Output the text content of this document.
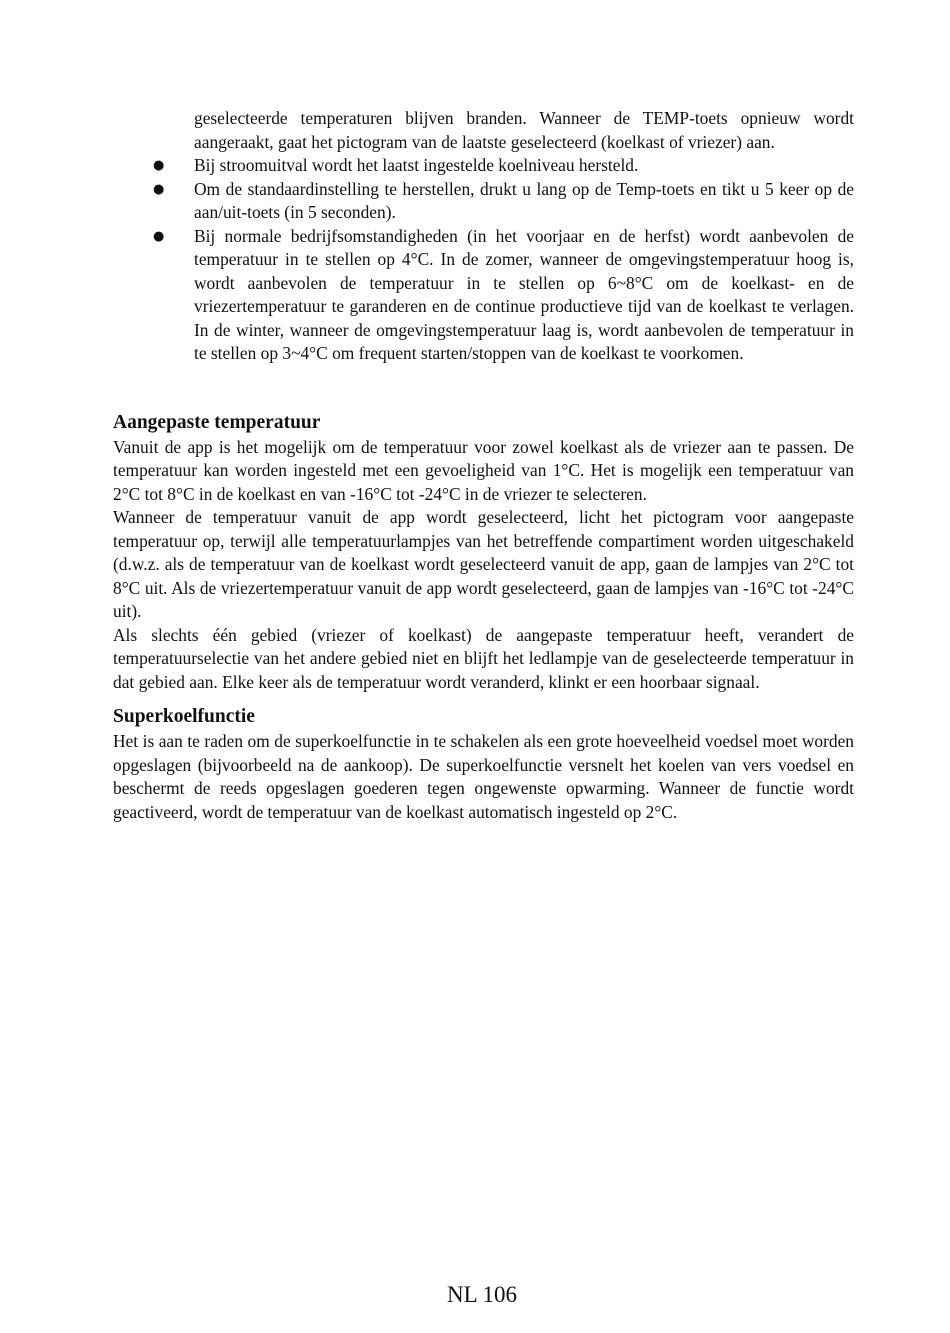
geselecteerde temperaturen blijven branden. Wanneer de TEMP-toets opnieuw wordt aangeraakt, gaat het pictogram van de laatste geselecteerd (koelkast of vriezer) aan.

● Bij stroomuitval wordt het laatst ingestelde koelniveau hersteld.
● Om de standaardinstelling te herstellen, drukt u lang op de Temp-toets en tikt u 5 keer op de aan/uit-toets (in 5 seconden).
● Bij normale bedrijfsomstandigheden (in het voorjaar en de herfst) wordt aanbevolen de temperatuur in te stellen op 4°C. In de zomer, wanneer de omgevingstemperatuur hoog is, wordt aanbevolen de temperatuur in te stellen op 6~8°C om de koelkast- en de vriezertemperatuur te garanderen en de continue productieve tijd van de koelkast te verlagen. In de winter, wanneer de omgevingstemperatuur laag is, wordt aanbevolen de temperatuur in te stellen op 3~4°C om frequent starten/stoppen van de koelkast te voorkomen.
Aangepaste temperatuur

Vanuit de app is het mogelijk om de temperatuur voor zowel koelkast als de vriezer aan te passen. De temperatuur kan worden ingesteld met een gevoeligheid van 1°C. Het is mogelijk een temperatuur van 2°C tot 8°C in de koelkast en van -16°C tot -24°C in de vriezer te selecteren.

Wanneer de temperatuur vanuit de app wordt geselecteerd, licht het pictogram voor aangepaste temperatuur op, terwijl alle temperatuurlampjes van het betreffende compartiment worden uitgeschakeld (d.w.z. als de temperatuur van de koelkast wordt geselecteerd vanuit de app, gaan de lampjes van 2°C tot 8°C uit. Als de vriezertemperatuur vanuit de app wordt geselecteerd, gaan de lampjes van -16°C tot -24°C uit).

Als slechts één gebied (vriezer of koelkast) de aangepaste temperatuur heeft, verandert de temperatuurselectie van het andere gebied niet en blijft het ledlampje van de geselecteerde temperatuur in dat gebied aan. Elke keer als de temperatuur wordt veranderd, klinkt er een hoorbaar signaal.

Superkoelfunctie

Het is aan te raden om de superkoelfunctie in te schakelen als een grote hoeveelheid voedsel moet worden opgeslagen (bijvoorbeeld na de aankoop). De superkoelfunctie versnelt het koelen van vers voedsel en beschermt de reeds opgeslagen goederen tegen ongewenste opwarming. Wanneer de functie wordt geactiveerd, wordt de temperatuur van de koelkast automatisch ingesteld op 2°C.

NL 106
